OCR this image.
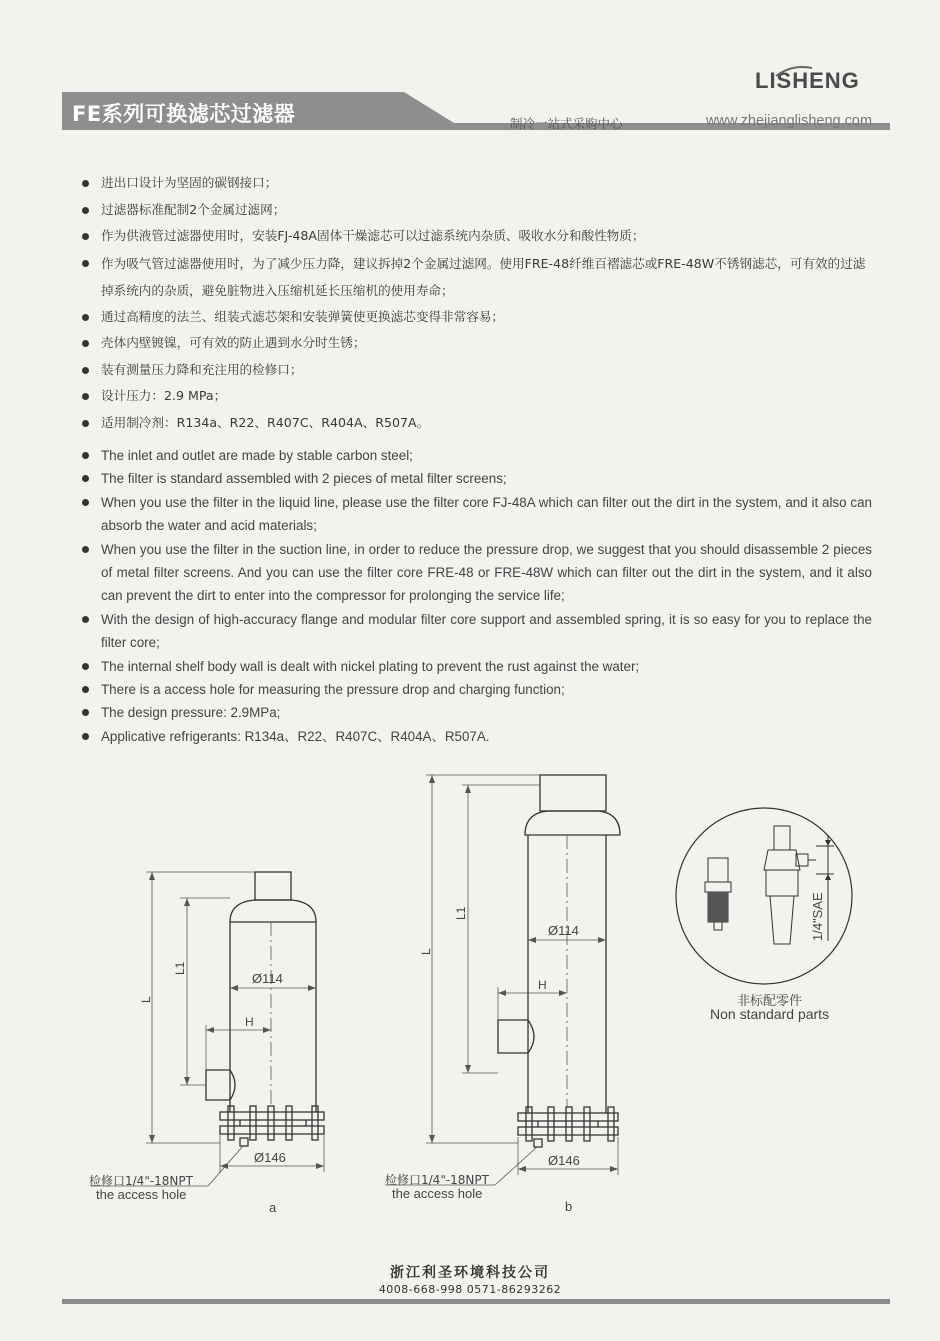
LISHENG
FE系列可换滤芯过滤器	制冷一站式采购中心	www.zhejianglisheng.com
进出口设计为坚固的碳钢接口；
过滤器标准配制2个金属过滤网；
作为供液管过滤器使用时，安装FJ-48A固体干燥滤芯可以过滤系统内杂质、吸收水分和酸性物质；
作为吸气管过滤器使用时，为了减少压力降，建议拆掉2个金属过滤网。使用FRE-48纤维百褶滤芯或FRE-48W不锈钢滤芯，可有效的过滤掉系统内的杂质，避免脏物进入压缩机延长压缩机的使用寿命；
通过高精度的法兰、组装式滤芯架和安装弹簧使更换滤芯变得非常容易；
壳体内壁镀镍，可有效的防止遇到水分时生锈；
装有测量压力降和充注用的检修口；
设计压力：2.9 MPa；
适用制冷剂：R134a、R22、R407C、R404A、R507A。
The inlet and outlet are made by stable carbon steel;
The filter is standard assembled with 2 pieces of metal filter screens;
When you use the filter in the liquid line, please use the filter core FJ-48A which can filter out the dirt in the system, and it also can absorb the water and acid materials;
When you use the filter in the suction line, in order to reduce the pressure drop, we suggest that you should disassemble 2 pieces of metal filter screens. And you can use the filter core FRE-48 or FRE-48W which can filter out the dirt in the system, and it also can prevent the dirt to enter into the compressor for prolonging the service life;
With the design of high-accuracy flange and modular filter core support and assembled spring, it is so easy for you to replace the filter core;
The internal shelf body wall is dealt with nickel plating to prevent the rust against the water;
There is a access hole for measuring the pressure drop and charging function;
The design pressure: 2.9MPa;
Applicative refrigerants: R134a、R22、R407C、R404A、R507A.
L
L1
Ø114
H
Ø146
检修口1/4"-18NPT
the access hole
a
L
L1
Ø114
H
Ø146
检修口1/4"-18NPT
the access hole
b
1/4"SAE
非标配零件
Non standard parts
浙江利圣环境科技公司
4008-668-998 0571-86293262
